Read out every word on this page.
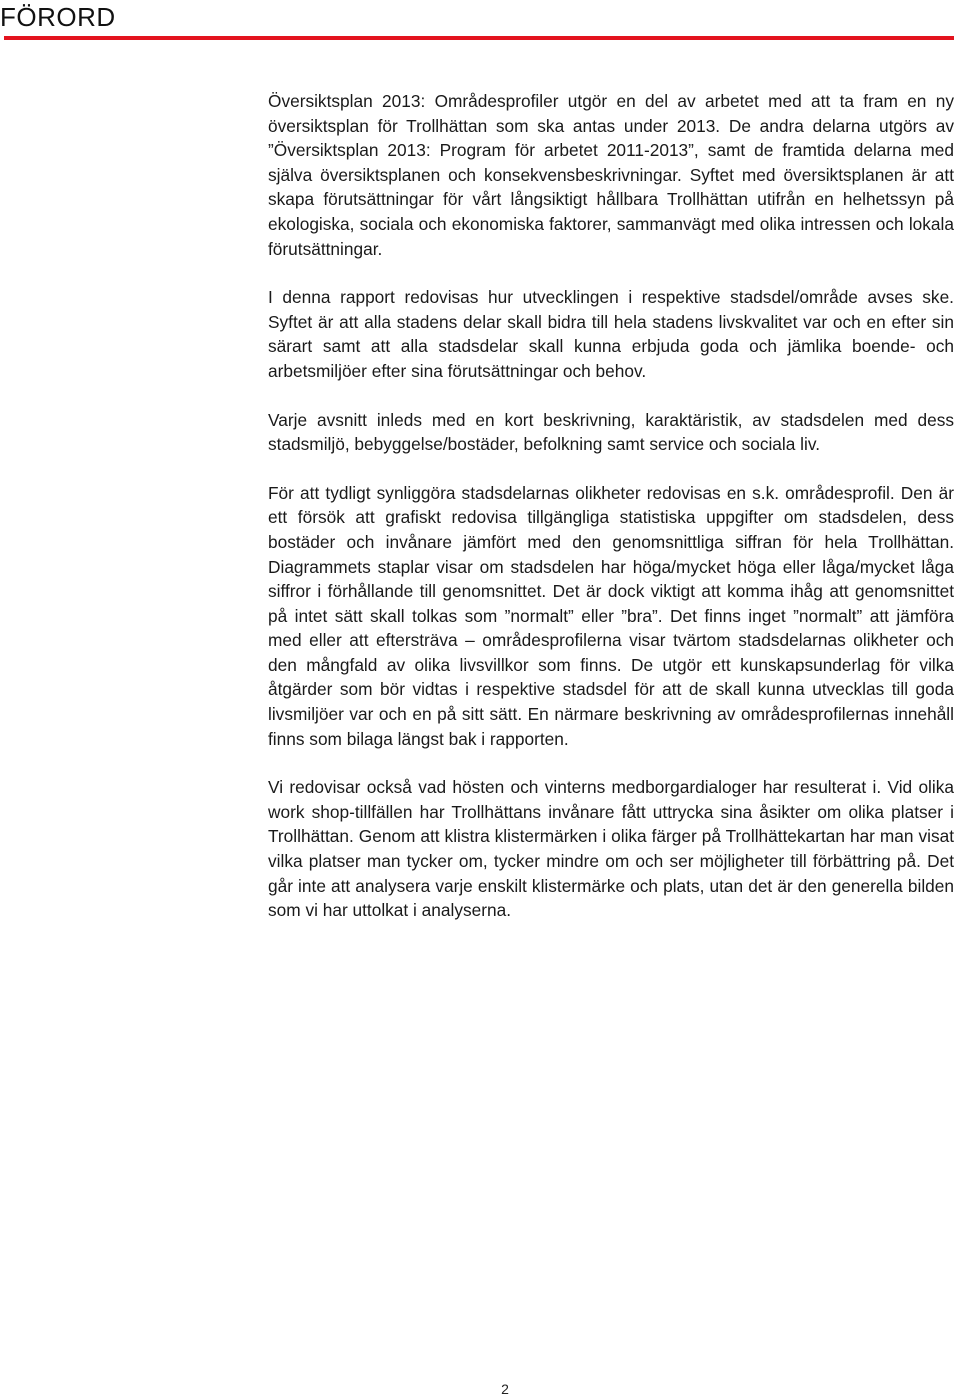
FÖRORD

Översiktsplan 2013: Områdesprofiler utgör en del av arbetet med att ta fram en ny översiktsplan för Trollhättan som ska antas under 2013. De andra delarna utgörs av ”Översiktsplan 2013: Program för arbetet 2011-2013”, samt de framtida delarna med själva översiktsplanen och konsekvensbeskrivningar. Syftet med översiktsplanen är att skapa förutsättningar för vårt långsiktigt hållbara Trollhättan utifrån en helhetssyn på ekologiska, sociala och ekonomiska faktorer, sammanvägt med olika intressen och lokala förutsättningar.

I denna rapport redovisas hur utvecklingen i respektive stadsdel/område avses ske. Syftet är att alla stadens delar skall bidra till hela stadens livskvalitet var och en efter sin särart samt att alla stadsdelar skall kunna erbjuda goda och jämlika boende- och arbetsmiljöer efter sina förutsättningar och behov.

Varje avsnitt inleds med en kort beskrivning, karaktäristik, av stadsdelen med dess stadsmiljö, bebyggelse/bostäder, befolkning samt service och sociala liv.

För att tydligt synliggöra stadsdelarnas olikheter redovisas en s.k. områdesprofil. Den är ett försök att grafiskt redovisa tillgängliga statistiska uppgifter om stadsdelen, dess bostäder och invånare jämfört med den genomsnittliga siffran för hela Trollhättan. Diagrammets staplar visar om stadsdelen har höga/mycket höga eller låga/mycket låga siffror i förhållande till genomsnittet. Det är dock viktigt att komma ihåg att genomsnittet på intet sätt skall tolkas som ”normalt” eller ”bra”. Det finns inget ”normalt” att jämföra med eller att eftersträva – områdesprofilerna visar tvärtom stadsdelarnas olikheter och den mångfald av olika livsvillkor som finns. De utgör ett kunskapsunderlag för vilka åtgärder som bör vidtas i respektive stadsdel för att de skall kunna utvecklas till goda livsmiljöer var och en på sitt sätt. En närmare beskrivning av områdesprofilernas innehåll finns som bilaga längst bak i rapporten.

Vi redovisar också vad hösten och vinterns medborgardialoger har resulterat i. Vid olika work shop-tillfällen har Trollhättans invånare fått uttrycka sina åsikter om olika platser i Trollhättan. Genom att klistra klistermärken i olika färger på Trollhättekartan har man visat vilka platser man tycker om, tycker mindre om och ser möjligheter till förbättring på. Det går inte att analysera varje enskilt klistermärke och plats, utan det är den generella bilden som vi har uttolkat i analyserna.

2
